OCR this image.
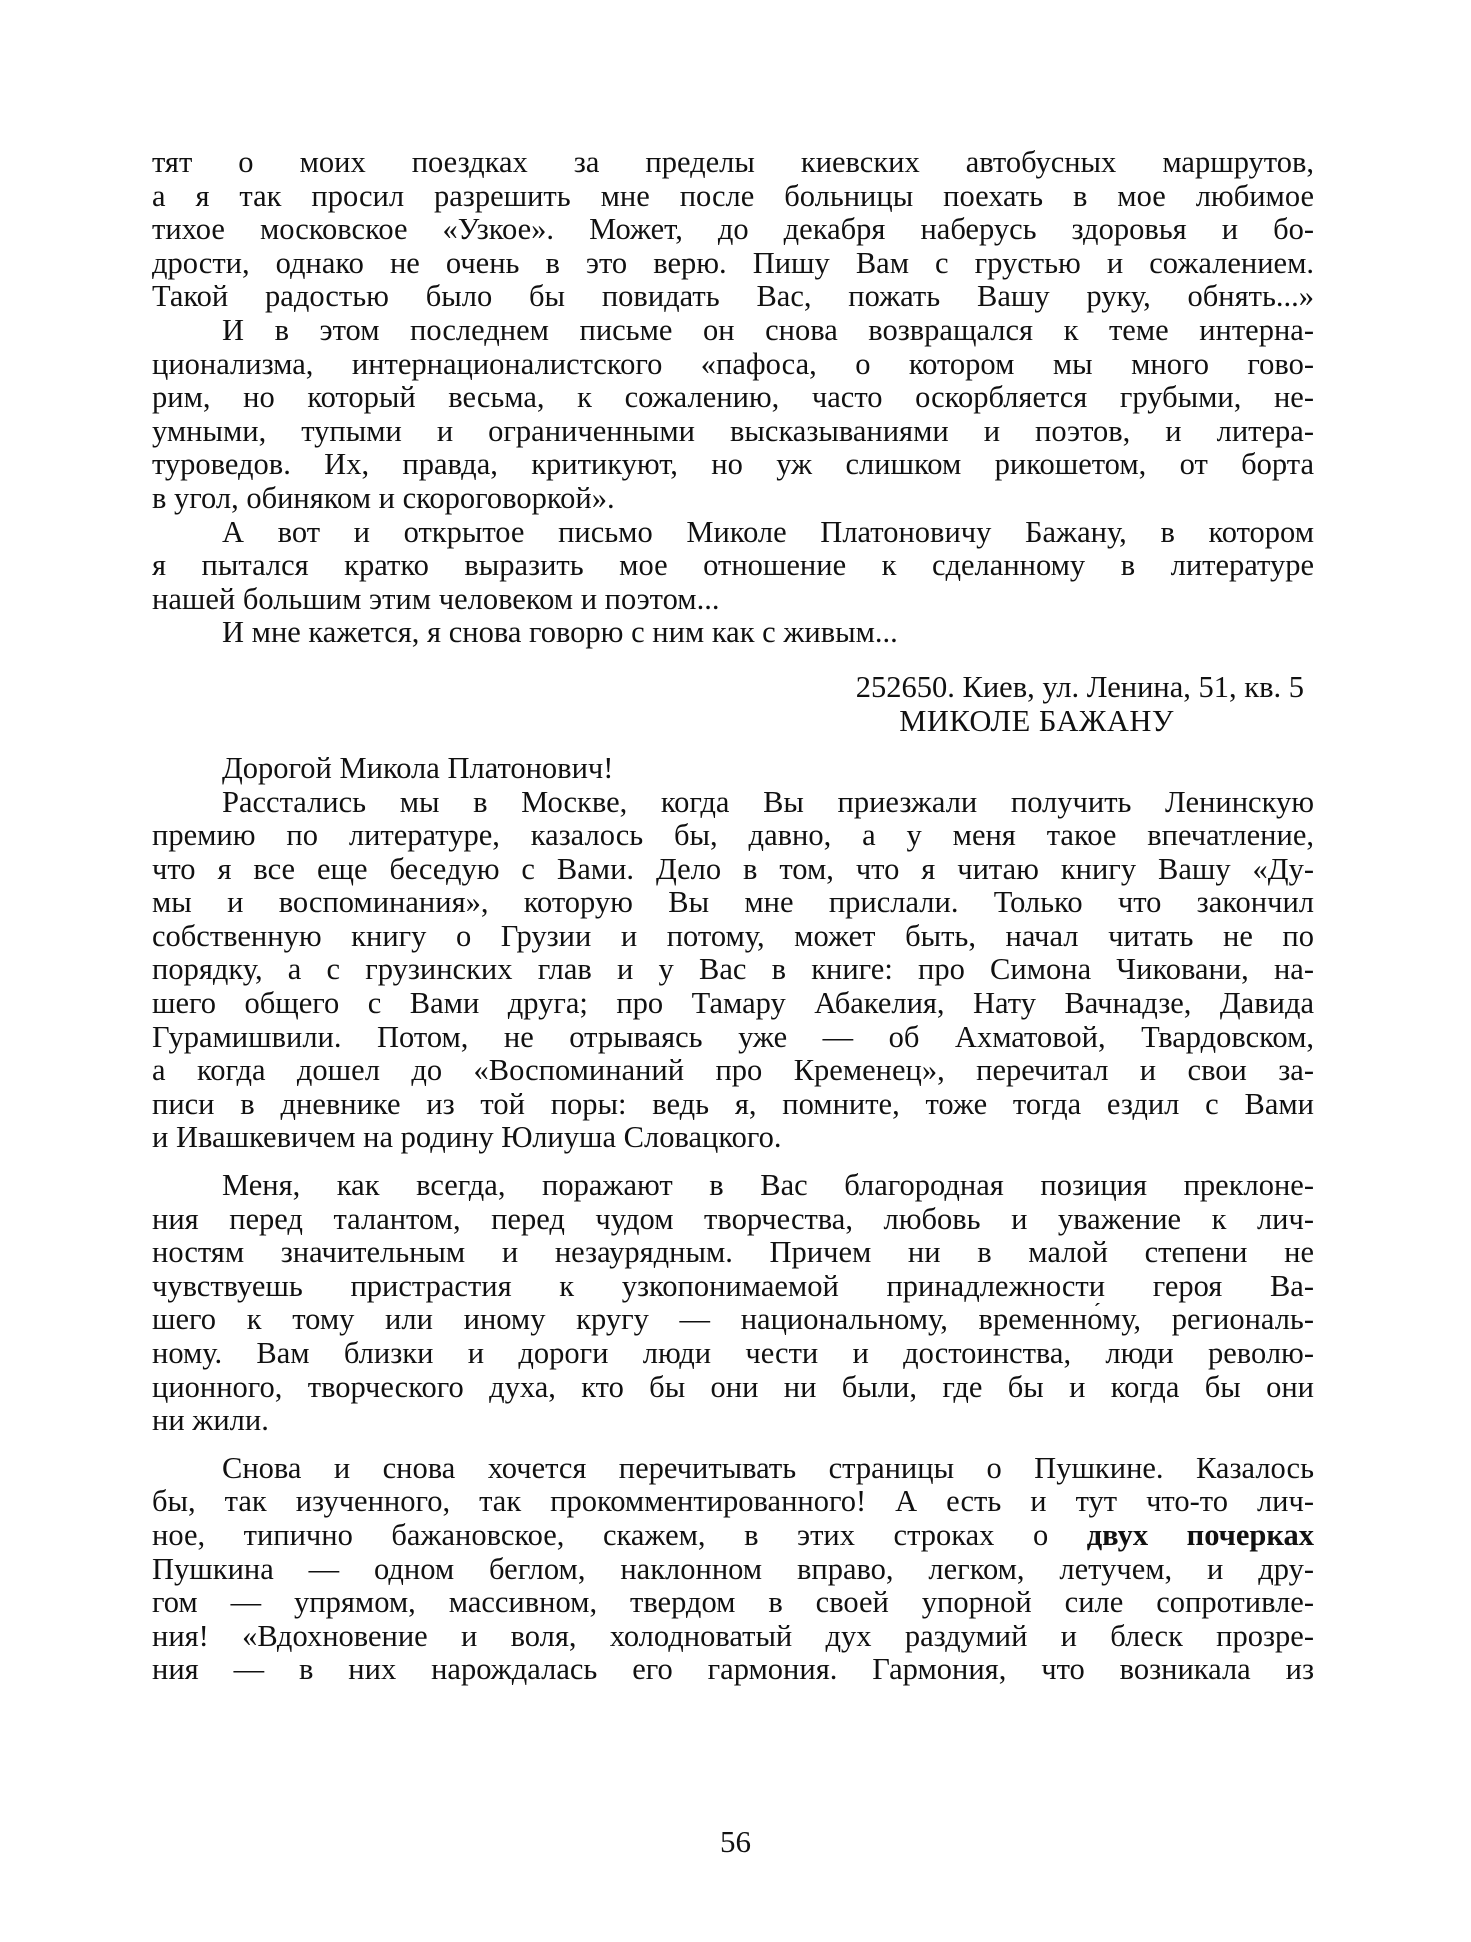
тят о моих поездках за пределы киевских автобусных маршрутов,
а я так просил разрешить мне после больницы поехать в мое любимое
тихое московское «Узкое». Может, до декабря наберусь здоровья и бо-
дрости, однако не очень в это верю. Пишу Вам с грустью и сожалением.
Такой радостью было бы повидать Вас, пожать Вашу руку, обнять...»
И в этом последнем письме он снова возвращался к теме интерна-
ционализма, интернационалистского «пафоса, о котором мы много гово-
рим, но который весьма, к сожалению, часто оскорбляется грубыми, не-
умными, тупыми и ограниченными высказываниями и поэтов, и литера-
туроведов. Их, правда, критикуют, но уж слишком рикошетом, от борта
в угол, обиняком и скороговоркой».
А вот и открытое письмо Миколе Платоновичу Бажану, в котором
я пытался кратко выразить мое отношение к сделанному в литературе
нашей большим этим человеком и поэтом...
И мне кажется, я снова говорю с ним как с живым...
252650. Киев, ул. Ленина, 51, кв. 5
МИКОЛЕ БАЖАНУ
Дорогой Микола Платонович!
Расстались мы в Москве, когда Вы приезжали получить Ленинскую
премию по литературе, казалось бы, давно, а у меня такое впечатление,
что я все еще беседую с Вами. Дело в том, что я читаю книгу Вашу «Ду-
мы и воспоминания», которую Вы мне прислали. Только что закончил
собственную книгу о Грузии и потому, может быть, начал читать не по
порядку, а с грузинских глав и у Вас в книге: про Симона Чиковани, на-
шего общего с Вами друга; про Тамару Абакелия, Нату Вачнадзе, Давида
Гурамишвили. Потом, не отрываясь уже — об Ахматовой, Твардовском,
а когда дошел до «Воспоминаний про Кременец», перечитал и свои за-
писи в дневнике из той поры: ведь я, помните, тоже тогда ездил с Вами
и Ивашкевичем на родину Юлиуша Словацкого.
Меня, как всегда, поражают в Вас благородная позиция преклоне-
ния перед талантом, перед чудом творчества, любовь и уважение к лич-
ностям значительным и незаурядным. Причем ни в малой степени не
чувствуешь пристрастия к узкопонимаемой принадлежности героя Ва-
шего к тому или иному кругу — национальному, временно́му, региональ-
ному. Вам близки и дороги люди чести и достоинства, люди револю-
ционного, творческого духа, кто бы они ни были, где бы и когда бы они
ни жили.
Снова и снова хочется перечитывать страницы о Пушкине. Казалось
бы, так изученного, так прокомментированного! А есть и тут что-то лич-
ное, типично бажановское, скажем, в этих строках о двух почерках
Пушкина — одном беглом, наклонном вправо, легком, летучем, и дру-
гом — упрямом, массивном, твердом в своей упорной силе сопротивле-
ния! «Вдохновение и воля, холодноватый дух раздумий и блеск прозре-
ния — в них нарождалась его гармония. Гармония, что возникала из
56
